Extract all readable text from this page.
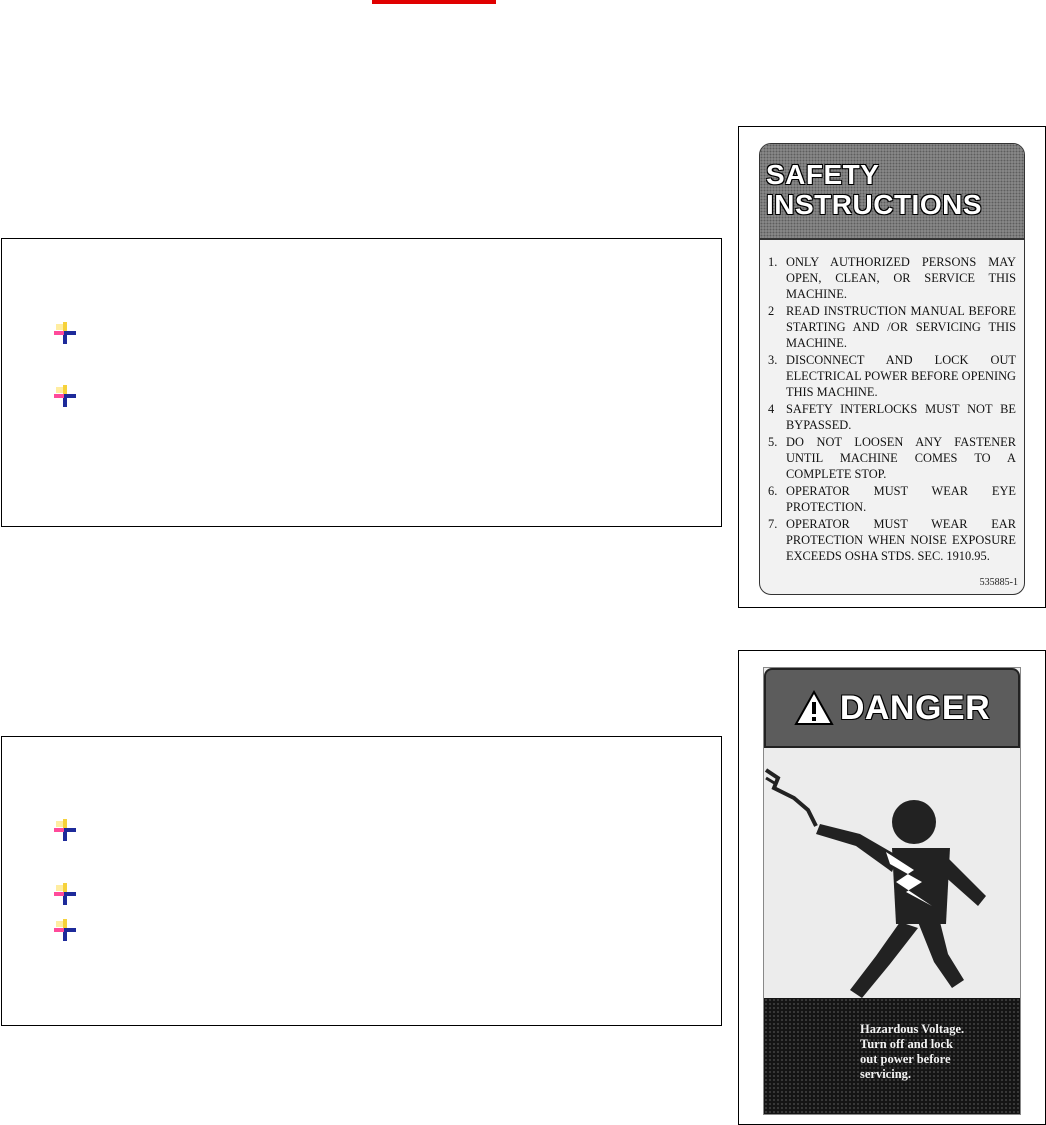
SAFETY
INSTRUCTIONS
1. ONLY AUTHORIZED PERSONS MAY OPEN, CLEAN, OR SERVICE THIS MACHINE.
2 READ INSTRUCTION MANUAL BEFORE STARTING AND /OR SERVICING THIS MACHINE.
3. DISCONNECT AND LOCK OUT ELECTRICAL POWER BEFORE OPENING THIS MACHINE.
4 SAFETY INTERLOCKS MUST NOT BE BYPASSED.
5. DO NOT LOOSEN ANY FASTENER UNTIL MACHINE COMES TO A COMPLETE STOP.
6. OPERATOR MUST WEAR EYE PROTECTION.
7. OPERATOR MUST WEAR EAR PROTECTION WHEN NOISE EXPOSURE EXCEEDS OSHA STDS. SEC. 1910.95.
535885-1
DANGER
Hazardous Voltage.
Turn off and lock
out power before
servicing.
